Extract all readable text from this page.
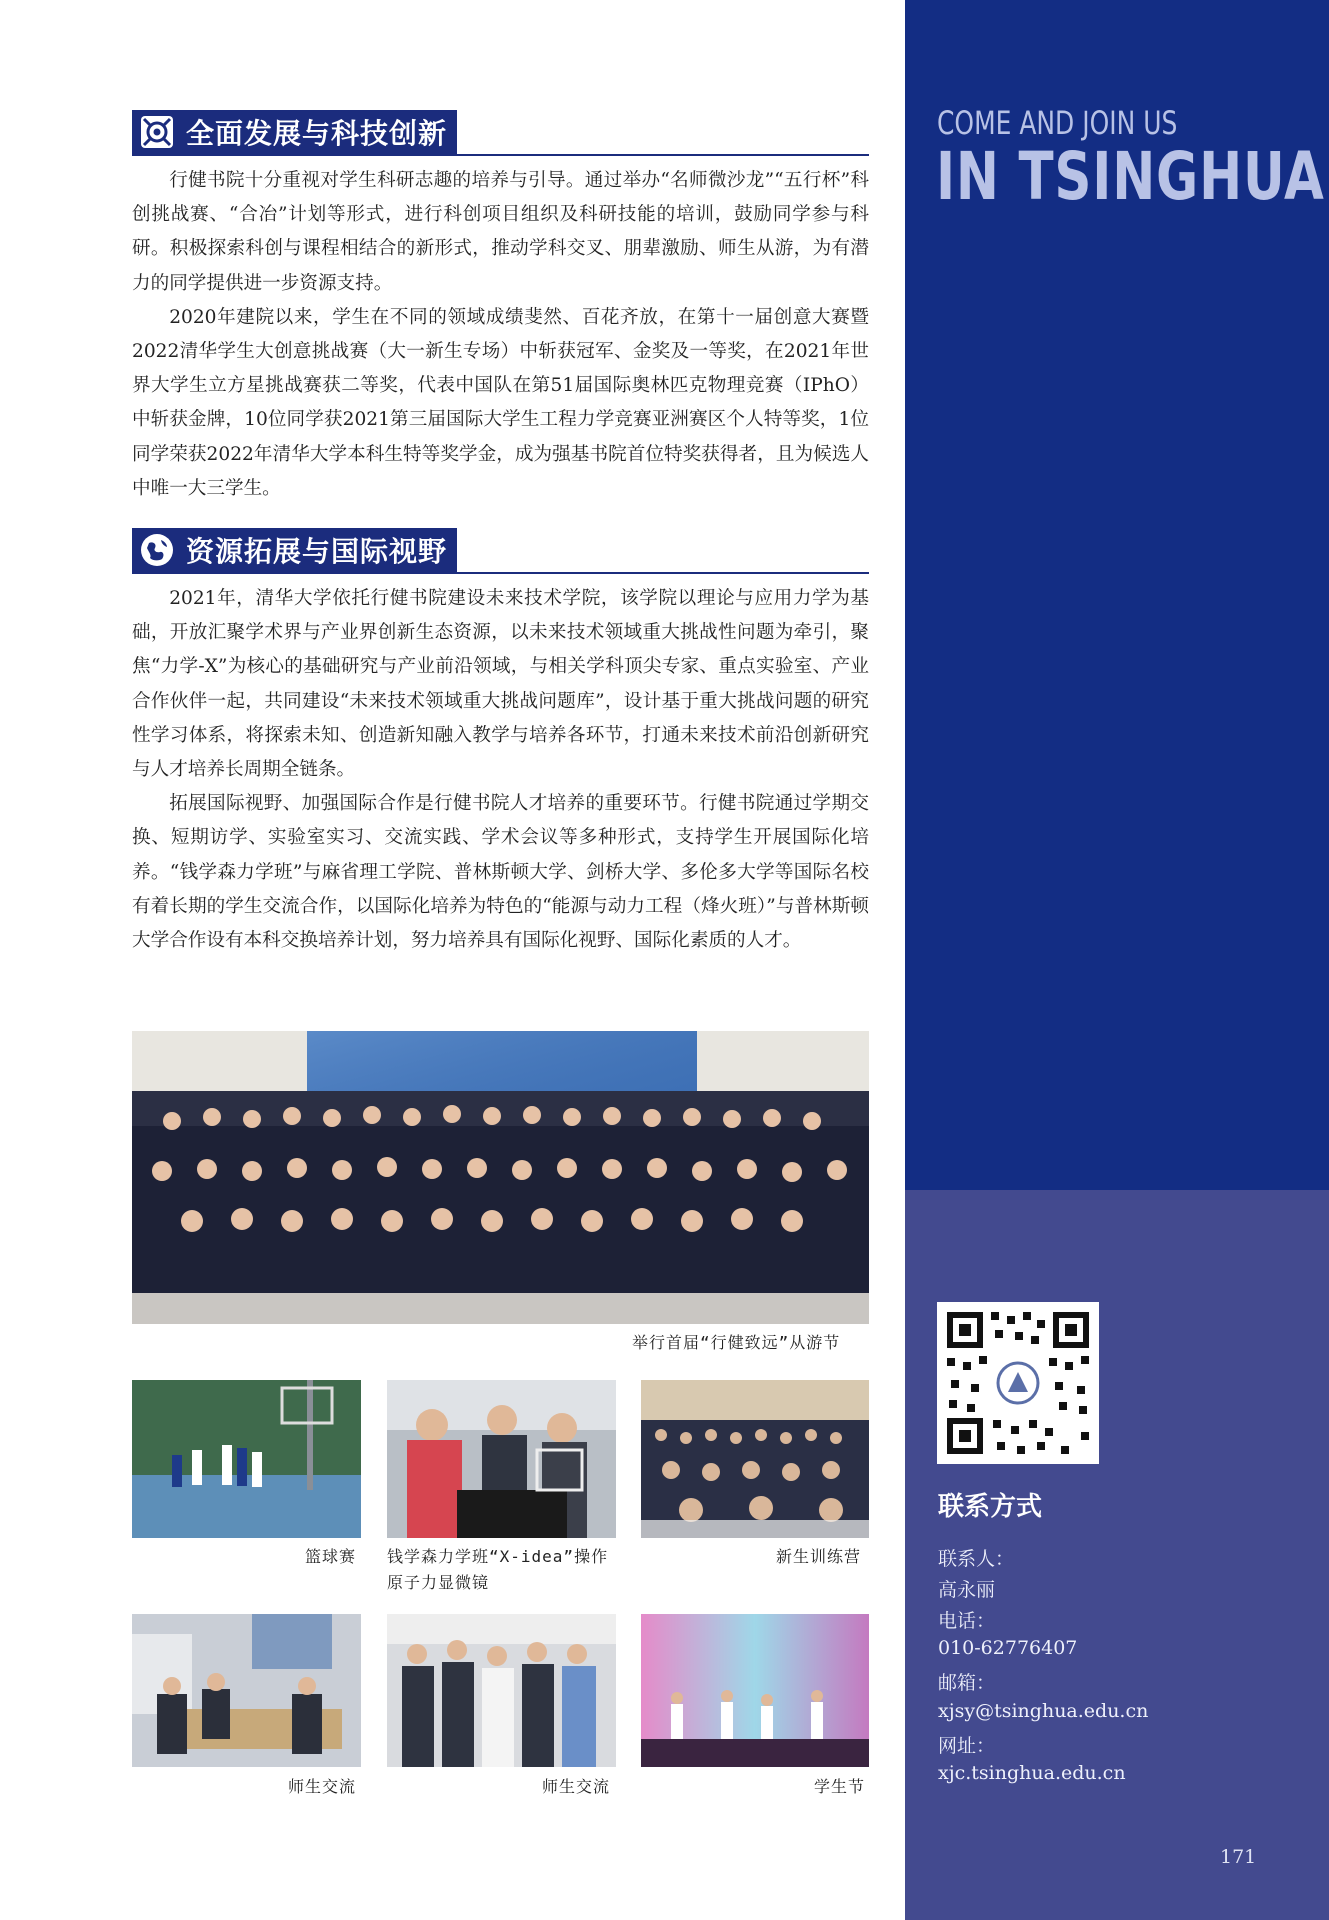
全面发展与科技创新

行健书院十分重视对学生科研志趣的培养与引导。通过举办“名师微沙龙”“五行杯”科创挑战赛、“合冶”计划等形式，进行科创项目组织及科研技能的培训，鼓励同学参与科研。积极探索科创与课程相结合的新形式，推动学科交叉、朋辈激励、师生从游，为有潜力的同学提供进一步资源支持。

2020年建院以来，学生在不同的领域成绩斐然、百花齐放，在第十一届创意大赛暨2022清华学生大创意挑战赛（大一新生专场）中斩获冠军、金奖及一等奖，在2021年世界大学生立方星挑战赛获二等奖，代表中国队在第51届国际奥林匹克物理竞赛（IPhO）中斩获金牌，10位同学获2021第三届国际大学生工程力学竞赛亚洲赛区个人特等奖，1位同学荣获2022年清华大学本科生特等奖学金，成为强基书院首位特奖获得者，且为候选人中唯一大三学生。

资源拓展与国际视野

2021年，清华大学依托行健书院建设未来技术学院，该学院以理论与应用力学为基础，开放汇聚学术界与产业界创新生态资源，以未来技术领域重大挑战性问题为牵引，聚焦“力学-X”为核心的基础研究与产业前沿领域，与相关学科顶尖专家、重点实验室、产业合作伙伴一起，共同建设“未来技术领域重大挑战问题库”，设计基于重大挑战问题的研究性学习体系，将探索未知、创造新知融入教学与培养各环节，打通未来技术前沿创新研究与人才培养长周期全链条。

拓展国际视野、加强国际合作是行健书院人才培养的重要环节。行健书院通过学期交换、短期访学、实验室实习、交流实践、学术会议等多种形式，支持学生开展国际化培养。“钱学森力学班”与麻省理工学院、普林斯顿大学、剑桥大学、多伦多大学等国际名校有着长期的学生交流合作，以国际化培养为特色的“能源与动力工程（烽火班）”与普林斯顿大学合作设有本科交换培养计划，努力培养具有国际化视野、国际化素质的人才。

举行首届“行健致远”从游节
篮球赛 钱学森力学班“X-idea”操作原子力显微镜
新生训练营
师生交流	师生交流	学生节
COME AND JOIN US
IN TSINGHUA
联系方式
联系人：
高永丽
电话：
010-62776407
邮箱：
xjsy@tsinghua.edu.cn
网址：
xjc.tsinghua.edu.cn
171
